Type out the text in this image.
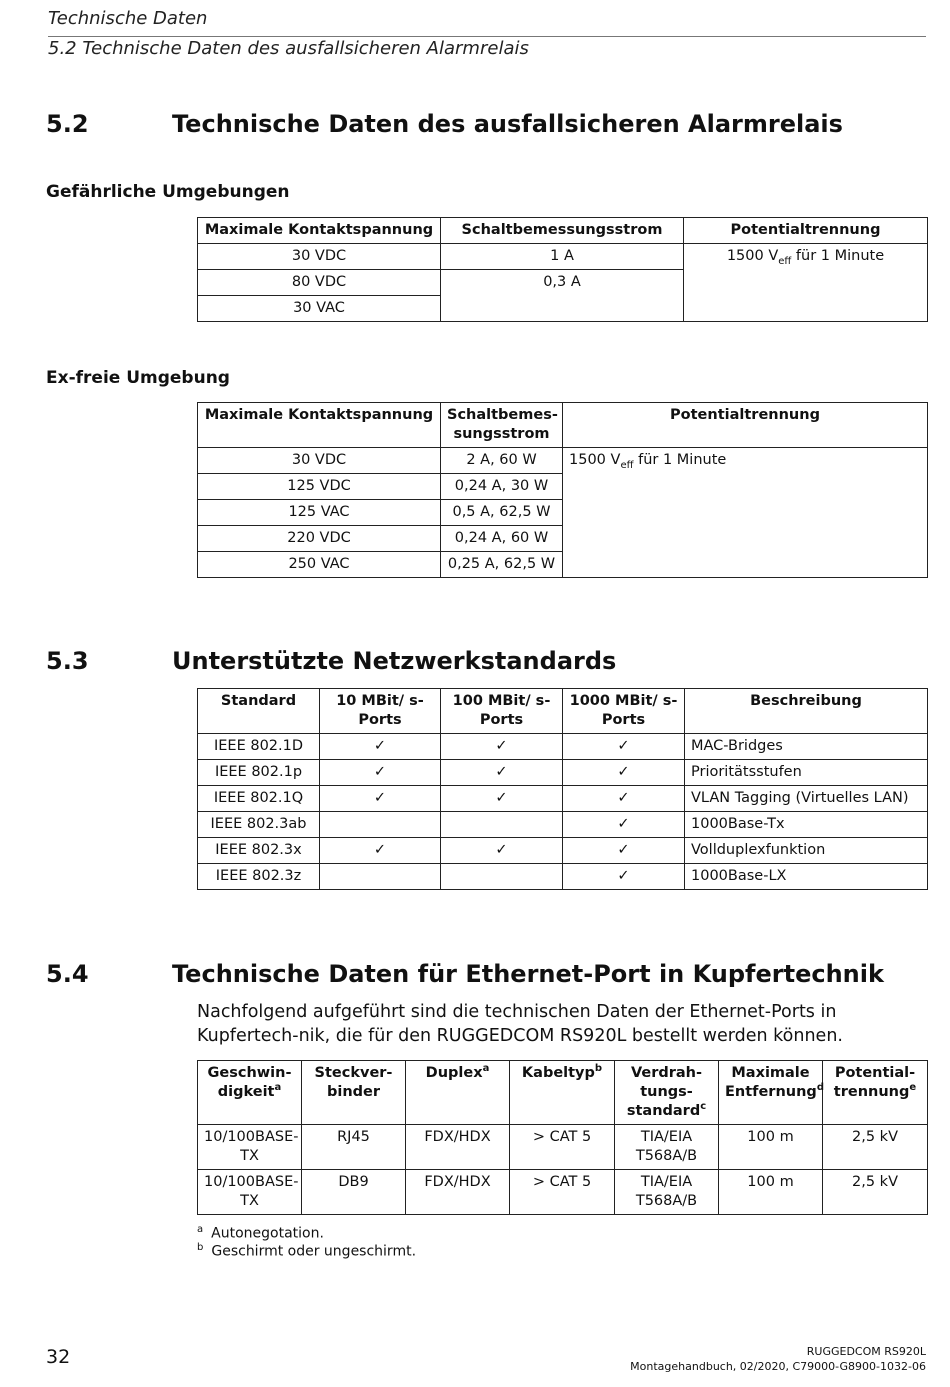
Technische Daten
5.2 Technische Daten des ausfallsicheren Alarmrelais
5.2	Technische Daten des ausfallsicheren Alarmrelais
Gefährliche Umgebungen
Maximale Kontaktspannung	Schaltbemessungsstrom	Potentialtrennung
30 VDC	1 A	1500 $V_{eff}$ für 1 Minute
80 VDC	0,3 A	
30 VAC		
Ex-freie Umgebung
Maximale Kontaktspannung	Schaltbemes-sungsstrom	Potentialtrennung
30 VDC	2 A, 60 W	1500 $V_{eff}$ für 1 Minute
125 VDC	0,24 A, 30 W	
125 VAC	0,5 A, 62,5 W	
220 VDC	0,24 A, 60 W	
250 VAC	0,25 A, 62,5 W	
5.3	Unterstützte Netzwerkstandards
Standard	10 MBit/ s-Ports	100 MBit/ s-Ports	1000 MBit/ s-Ports	Beschreibung
IEEE 802.1D	✓	✓	✓	MAC-Bridges
IEEE 802.1p	✓	✓	✓	Prioritätsstufen
IEEE 802.1Q	✓	✓	✓	VLAN Tagging (Virtuelles LAN)
IEEE 802.3ab			✓	1000Base-Tx
IEEE 802.3x	✓	✓	✓	Vollduplexfunktion
IEEE 802.3z			✓	1000Base-LX
5.4	Technische Daten für Ethernet-Port in Kupfertechnik
Nachfolgend aufgeführt sind die technischen Daten der Ethernet-Ports in Kupfertech-nik, die für den RUGGEDCOM RS920L bestellt werden können.
Geschwin-digkeit$^a$	Steckver-binder	Duplex$^a$	Kabeltyp$^b$	Verdrah-tungs-standard$^c$	Maximale Entfernung$^d$	Potential-trennung$^e$
10/100BASE-TX	RJ45	FDX/HDX	> CAT 5	TIA/EIA T568A/B	100 m	2,5 kV
10/100BASE-TX	DB9	FDX/HDX	> CAT 5	TIA/EIA T568A/B	100 m	2,5 kV
$^a$ Autonegotation.
$^b$ Geschirmt oder ungeschirmt.
32	RUGGEDCOM RS920L
Montagehandbuch, 02/2020, C79000-G8900-1032-06
